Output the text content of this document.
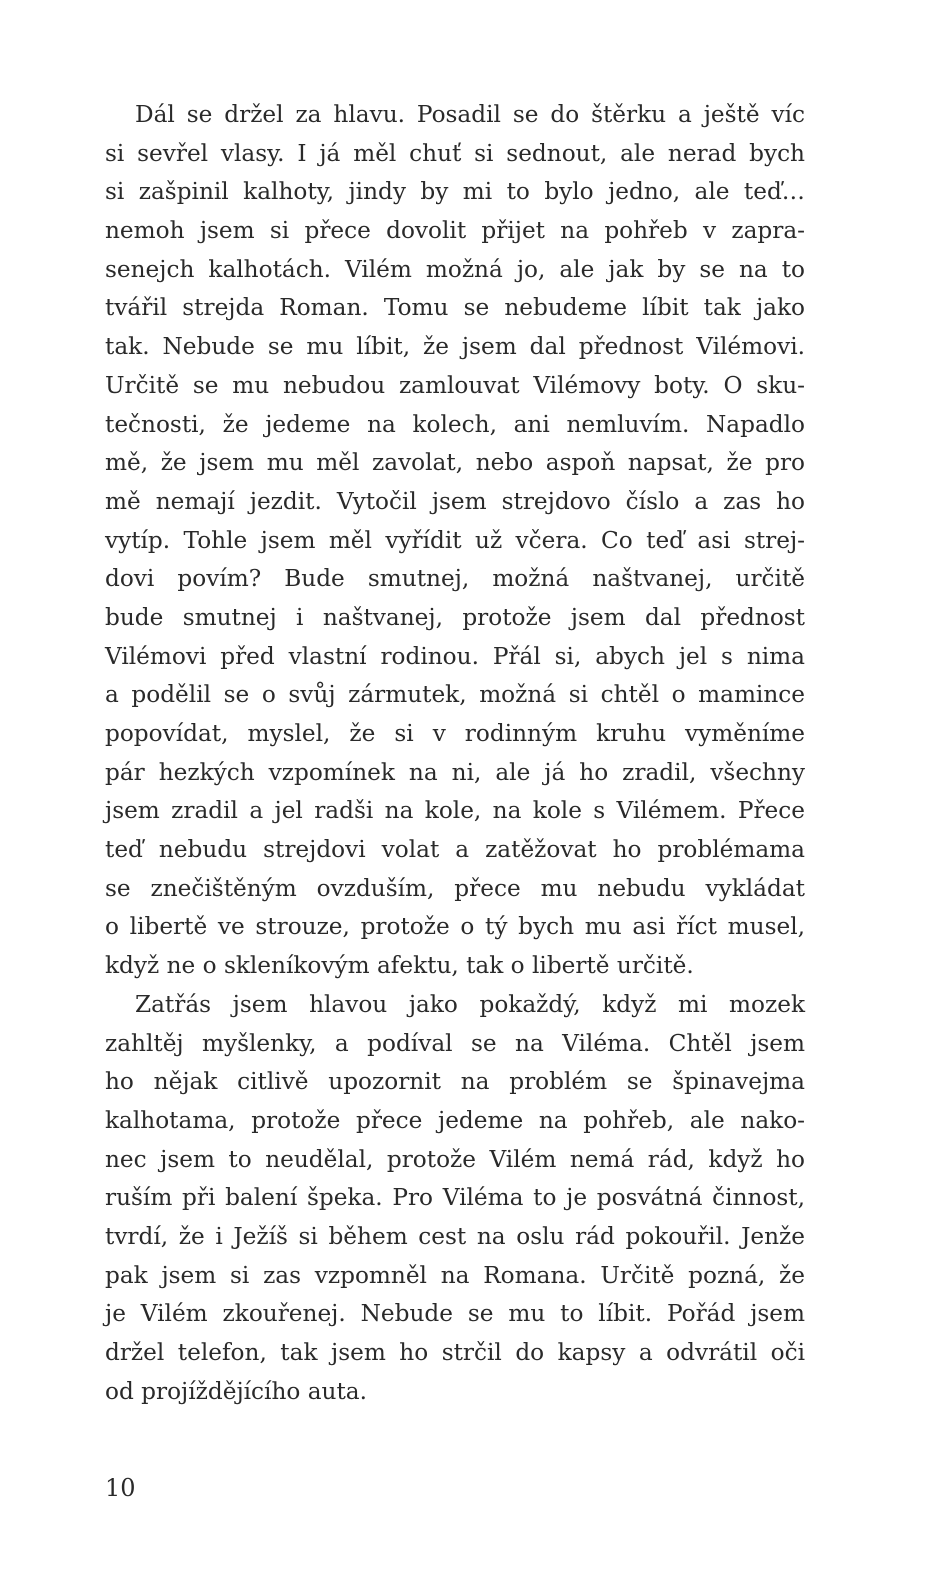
Dál se držel za hlavu. Posadil se do štěrku a ještě víc
si sevřel vlasy. I já měl chuť si sednout, ale nerad bych
si zašpinil kalhoty, jindy by mi to bylo jedno, ale teď…
nemoh jsem si přece dovolit přijet na pohřeb v zapra-
senejch kalhotách. Vilém možná jo, ale jak by se na to
tvářil strejda Roman. Tomu se nebudeme líbit tak jako
tak. Nebude se mu líbit, že jsem dal přednost Vilémovi.
Určitě se mu nebudou zamlouvat Vilémovy boty. O sku-
tečnosti, že jedeme na kolech, ani nemluvím. Napadlo
mě, že jsem mu měl zavolat, nebo aspoň napsat, že pro
mě nemají jezdit. Vytočil jsem strejdovo číslo a zas ho
vytíp. Tohle jsem měl vyřídit už včera. Co teď asi strej-
dovi povím? Bude smutnej, možná naštvanej, určitě
bude smutnej i naštvanej, protože jsem dal přednost
Vilémovi před vlastní rodinou. Přál si, abych jel s nima
a podělil se o svůj zármutek, možná si chtěl o mamince
popovídat, myslel, že si v rodinným kruhu vyměníme
pár hezkých vzpomínek na ni, ale já ho zradil, všechny
jsem zradil a jel radši na kole, na kole s Vilémem. Přece
teď nebudu strejdovi volat a zatěžovat ho problémama
se znečištěným ovzduším, přece mu nebudu vykládat
o libertě ve strouze, protože o tý bych mu asi říct musel,
když ne o skleníkovým afektu, tak o libertě určitě.
Zatřás jsem hlavou jako pokaždý, když mi mozek
zahltěj myšlenky, a podíval se na Viléma. Chtěl jsem
ho nějak citlivě upozornit na problém se špinavejma
kalhotama, protože přece jedeme na pohřeb, ale nako-
nec jsem to neudělal, protože Vilém nemá rád, když ho
ruším při balení špeka. Pro Viléma to je posvátná činnost,
tvrdí, že i Ježíš si během cest na oslu rád pokouřil. Jenže
pak jsem si zas vzpomněl na Romana. Určitě pozná, že
je Vilém zkouřenej. Nebude se mu to líbit. Pořád jsem
držel telefon, tak jsem ho strčil do kapsy a odvrátil oči
od projíždějícího auta.
10
